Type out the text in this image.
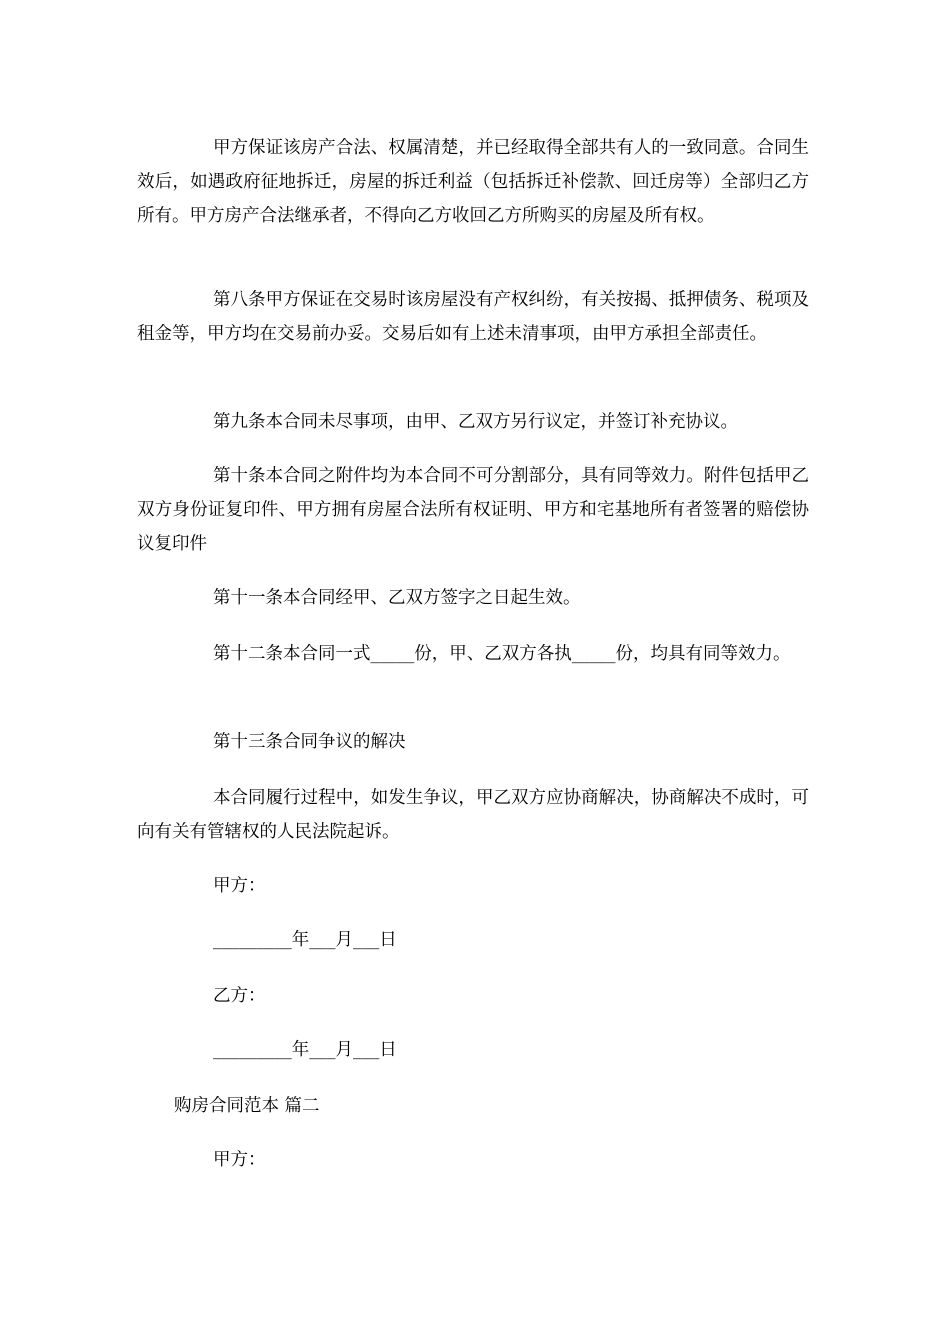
甲方保证该房产合法、权属清楚，并已经取得全部共有人的一致同意。合同生效后，如遇政府征地拆迁，房屋的拆迁利益（包括拆迁补偿款、回迁房等）全部归乙方所有。甲方房产合法继承者，不得向乙方收回乙方所购买的房屋及所有权。

第八条甲方保证在交易时该房屋没有产权纠纷，有关按揭、抵押债务、税项及租金等，甲方均在交易前办妥。交易后如有上述未清事项，由甲方承担全部责任。

第九条本合同未尽事项，由甲、乙双方另行议定，并签订补充协议。

第十条本合同之附件均为本合同不可分割部分，具有同等效力。附件包括甲乙双方身份证复印件、甲方拥有房屋合法所有权证明、甲方和宅基地所有者签署的赔偿协议复印件

第十一条本合同经甲、乙双方签字之日起生效。

第十二条本合同一式_____份，甲、乙双方各执_____份，均具有同等效力。

第十三条合同争议的解决

本合同履行过程中，如发生争议，甲乙双方应协商解决，协商解决不成时，可向有关有管辖权的人民法院起诉。

甲方：

_________年___月___日

乙方：

_________年___月___日

购房合同范本 篇二

甲方：
